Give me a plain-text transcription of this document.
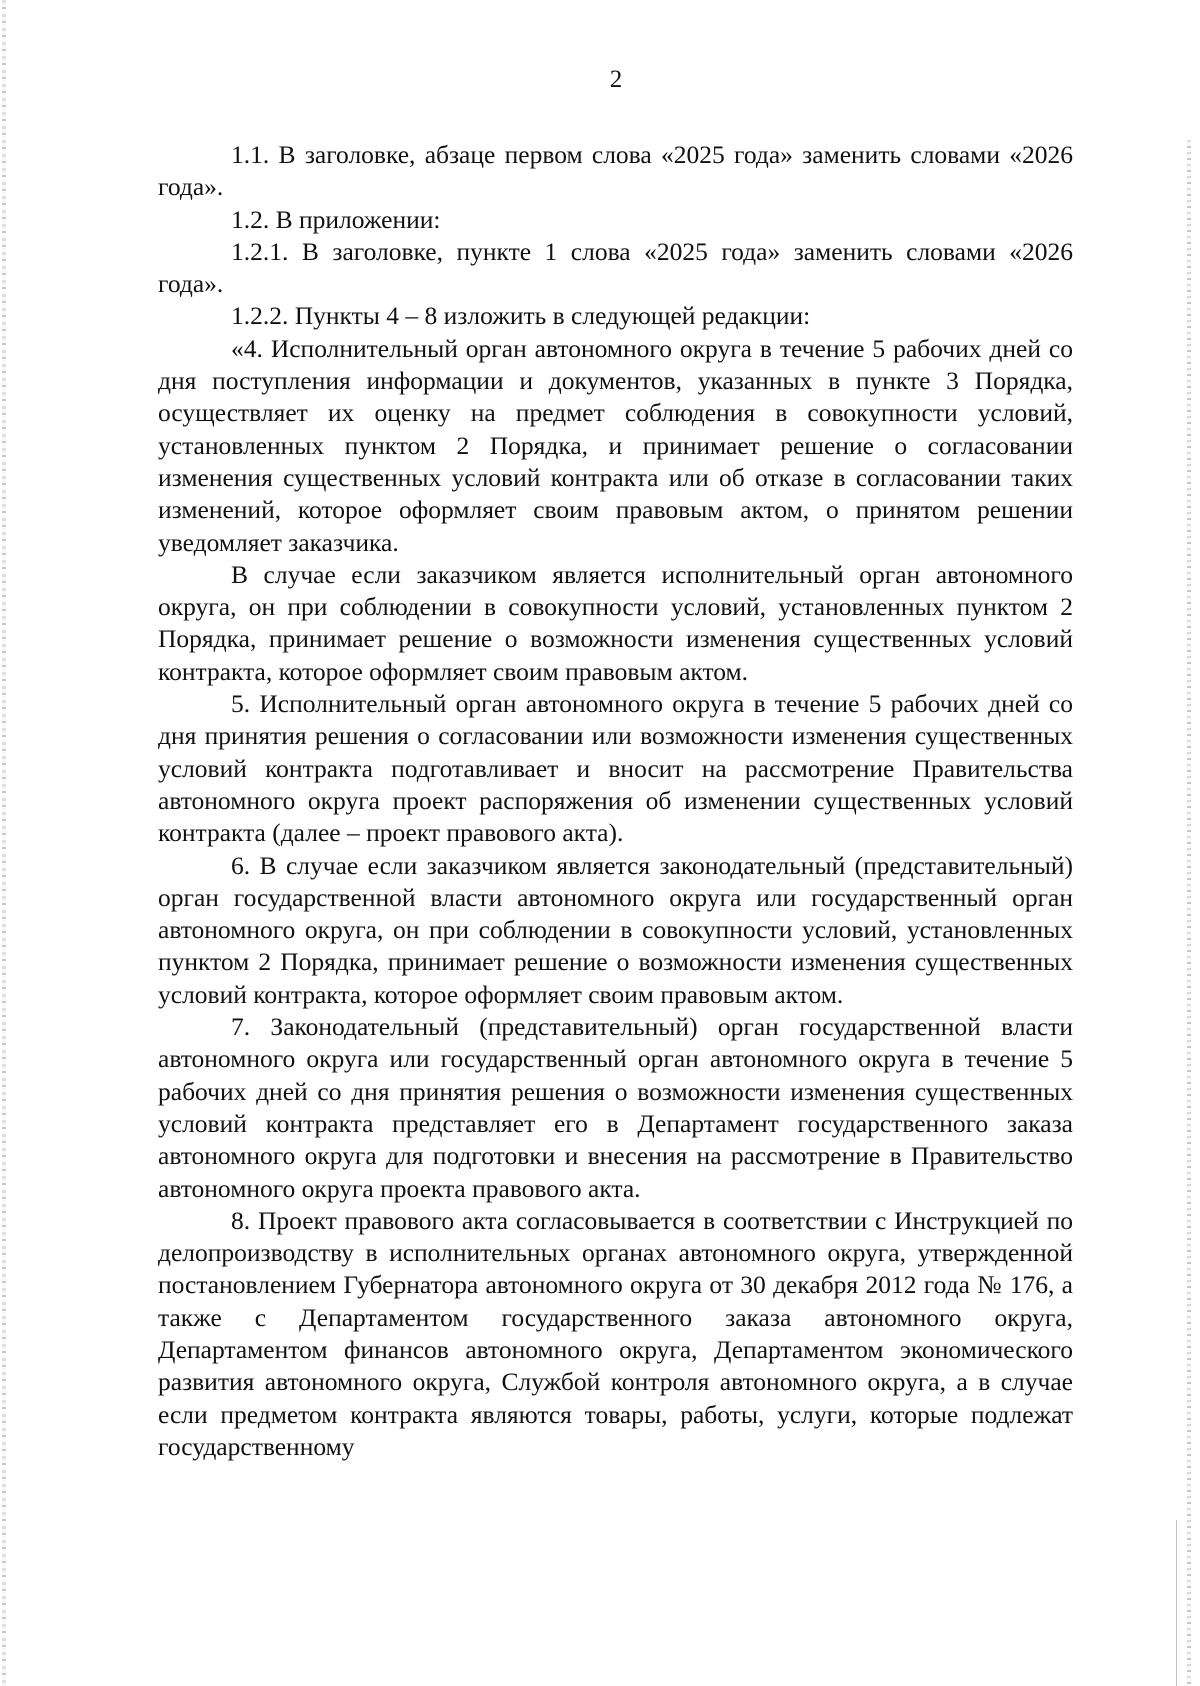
2

1.1. В заголовке, абзаце первом слова «2025 года» заменить словами «2026 года».

1.2. В приложении:

1.2.1. В заголовке, пункте 1 слова «2025 года» заменить словами «2026 года».

1.2.2. Пункты 4 – 8 изложить в следующей редакции:

«4. Исполнительный орган автономного округа в течение 5 рабочих дней со дня поступления информации и документов, указанных в пункте 3 Порядка, осуществляет их оценку на предмет соблюдения в совокупности условий, установленных пунктом 2 Порядка, и принимает решение о согласовании изменения существенных условий контракта или об отказе в согласовании таких изменений, которое оформляет своим правовым актом, о принятом решении уведомляет заказчика.

В случае если заказчиком является исполнительный орган автономного округа, он при соблюдении в совокупности условий, установленных пунктом 2 Порядка, принимает решение о возможности изменения существенных условий контракта, которое оформляет своим правовым актом.

5. Исполнительный орган автономного округа в течение 5 рабочих дней со дня принятия решения о согласовании или возможности изменения существенных условий контракта подготавливает и вносит на рассмотрение Правительства автономного округа проект распоряжения об изменении существенных условий контракта (далее – проект правового акта).

6. В случае если заказчиком является законодательный (представительный) орган государственной власти автономного округа или государственный орган автономного округа, он при соблюдении в совокупности условий, установленных пунктом 2 Порядка, принимает решение о возможности изменения существенных условий контракта, которое оформляет своим правовым актом.

7. Законодательный (представительный) орган государственной власти автономного округа или государственный орган автономного округа в течение 5 рабочих дней со дня принятия решения о возможности изменения существенных условий контракта представляет его в Департамент государственного заказа автономного округа для подготовки и внесения на рассмотрение в Правительство автономного округа проекта правового акта.

8. Проект правового акта согласовывается в соответствии с Инструкцией по делопроизводству в исполнительных органах автономного округа, утвержденной постановлением Губернатора автономного округа от 30 декабря 2012 года № 176, а также с Департаментом государственного заказа автономного округа, Департаментом финансов автономного округа, Департаментом экономического развития автономного округа, Службой контроля автономного округа, а в случае если предметом контракта являются товары, работы, услуги, которые подлежат государственному
